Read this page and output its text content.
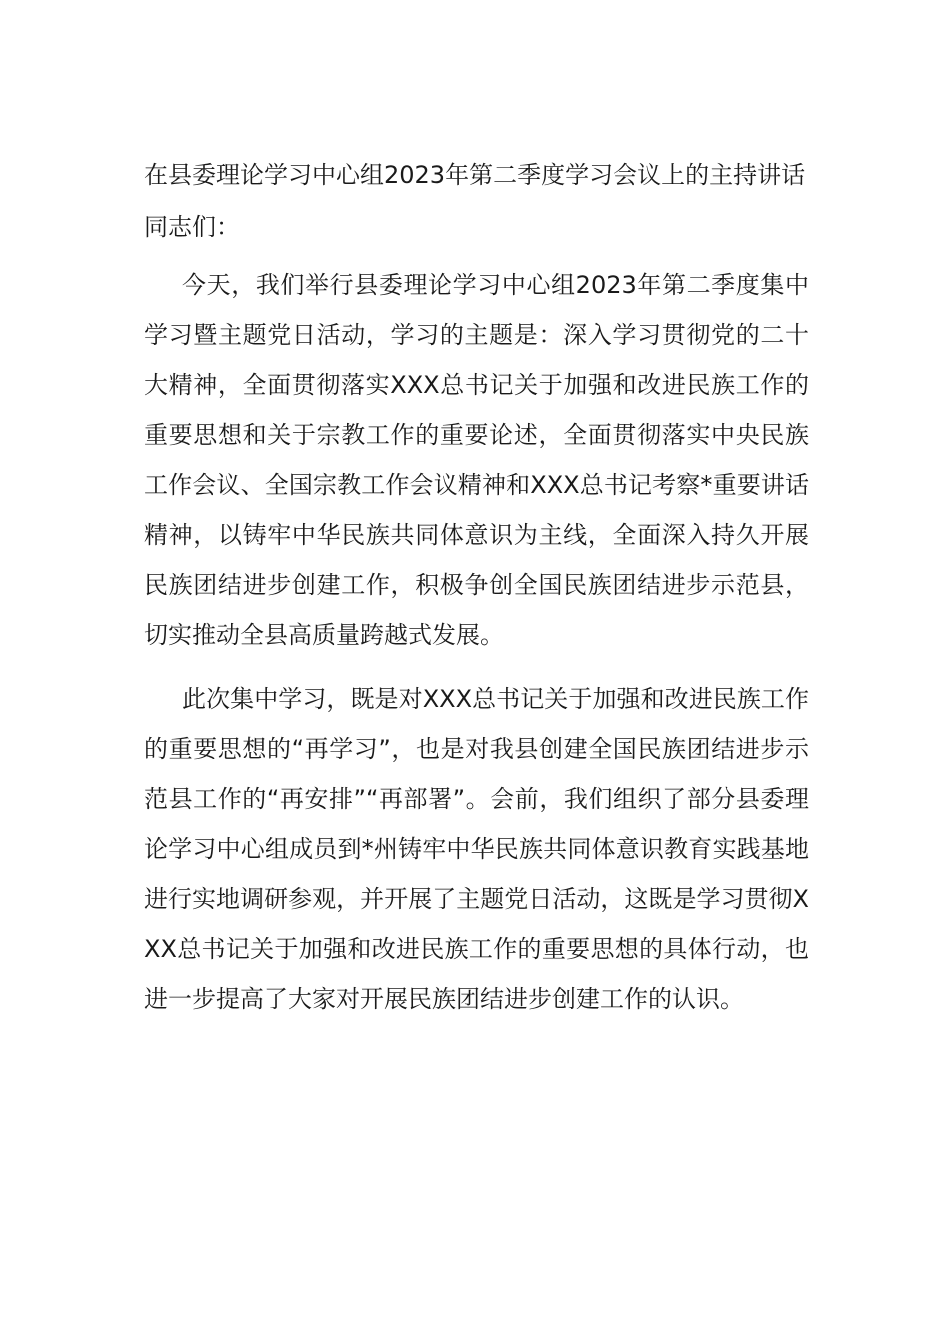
在县委理论学习中心组2023年第二季度学习会议上的主持讲话

同志们：

今天，我们举行县委理论学习中心组2023年第二季度集中学习暨主题党日活动，学习的主题是：深入学习贯彻党的二十大精神，全面贯彻落实XXX总书记关于加强和改进民族工作的重要思想和关于宗教工作的重要论述，全面贯彻落实中央民族工作会议、全国宗教工作会议精神和XXX总书记考察*重要讲话精神，以铸牢中华民族共同体意识为主线，全面深入持久开展民族团结进步创建工作，积极争创全国民族团结进步示范县，切实推动全县高质量跨越式发展。

此次集中学习，既是对XXX总书记关于加强和改进民族工作的重要思想的“再学习”，也是对我县创建全国民族团结进步示范县工作的“再安排”“再部署”。会前，我们组织了部分县委理论学习中心组成员到*州铸牢中华民族共同体意识教育实践基地进行实地调研参观，并开展了主题党日活动，这既是学习贯彻XXX总书记关于加强和改进民族工作的重要思想的具体行动，也进一步提高了大家对开展民族团结进步创建工作的认识。
